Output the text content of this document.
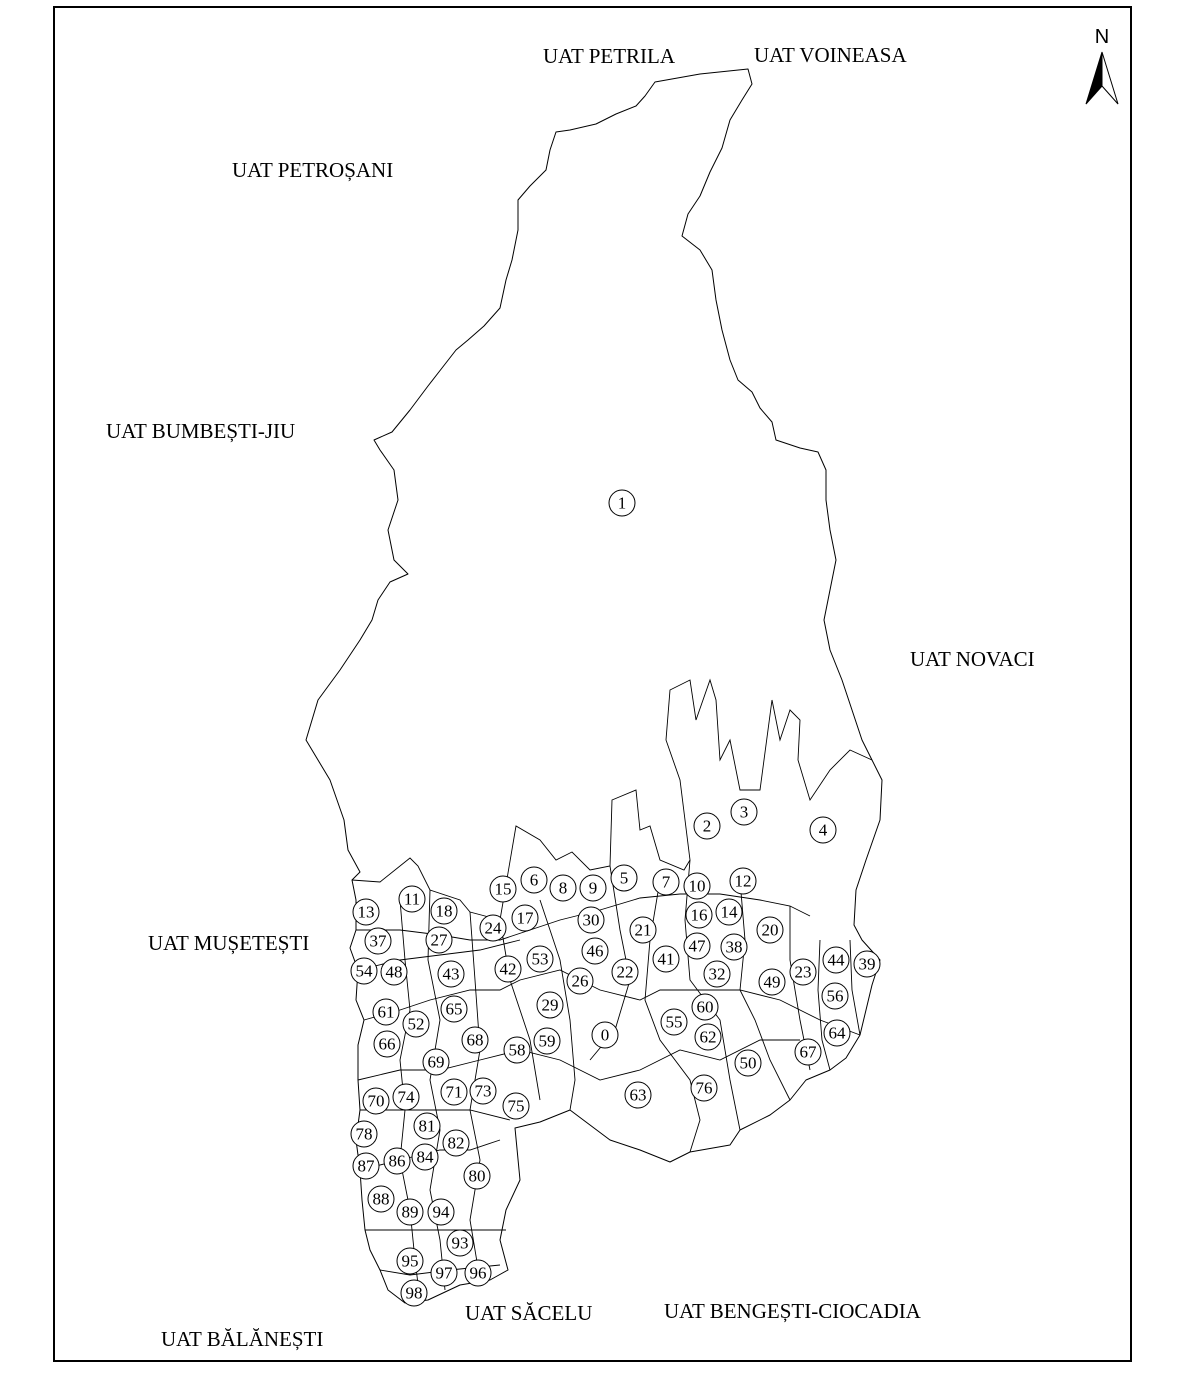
N
UAT PETRILA	UAT VOINEASA
UAT PETROȘANI
UAT BUMBEȘTI-JIU
UAT NOVACI
UAT MUȘETEȘTI
UAT SĂCELU	UAT BENGEȘTI-CIOCADIA
UAT BĂLĂNEȘTI
1
2
3
4
5
6	7
8 9	10
11
12
13	14
15
16
17
18
20
21
22	23
24
26
27
29
30
32
37	38
39
41
42
43
44
46	47
48
49
50
52
53
54
55
56
58 59
60
61
62
63
64
65
66	67
68
69
70	71 73
74	75
76
78
80
81
82
84
86
87
88
89
93
94
95
96
97
98
0
